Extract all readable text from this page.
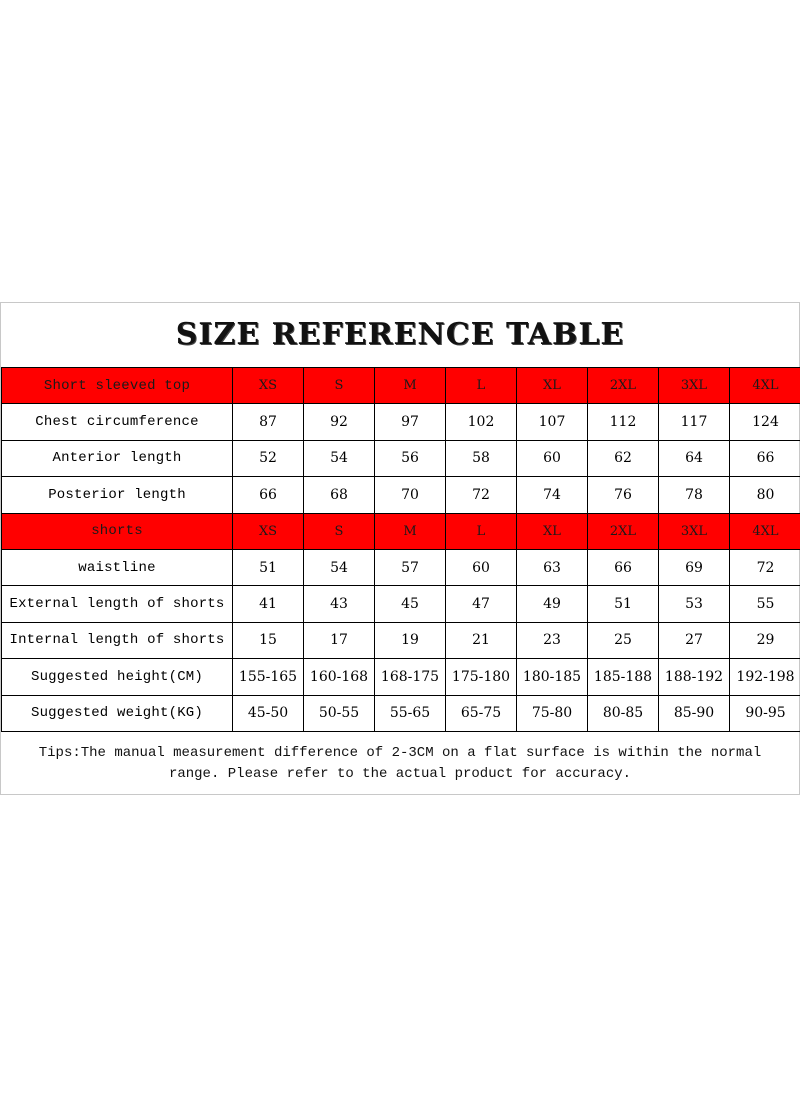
SIZE REFERENCE TABLE
Short sleeved top	XS	S	M	L	XL	2XL	3XL	4XL
Chest circumference	87	92	97	102	107	112	117	124
Anterior length	52	54	56	58	60	62	64	66
Posterior length	66	68	70	72	74	76	78	80
shorts	XS	S	M	L	XL	2XL	3XL	4XL
waistline	51	54	57	60	63	66	69	72
External length of shorts	41	43	45	47	49	51	53	55
Internal length of shorts	15	17	19	21	23	25	27	29
Suggested height(CM)	155-165	160-168	168-175	175-180	180-185	185-188	188-192	192-198
Suggested weight(KG)	45-50	50-55	55-65	65-75	75-80	80-85	85-90	90-95
Tips:The manual measurement difference of 2-3CM on a flat surface is within the normal range. Please refer to the actual product for accuracy.
